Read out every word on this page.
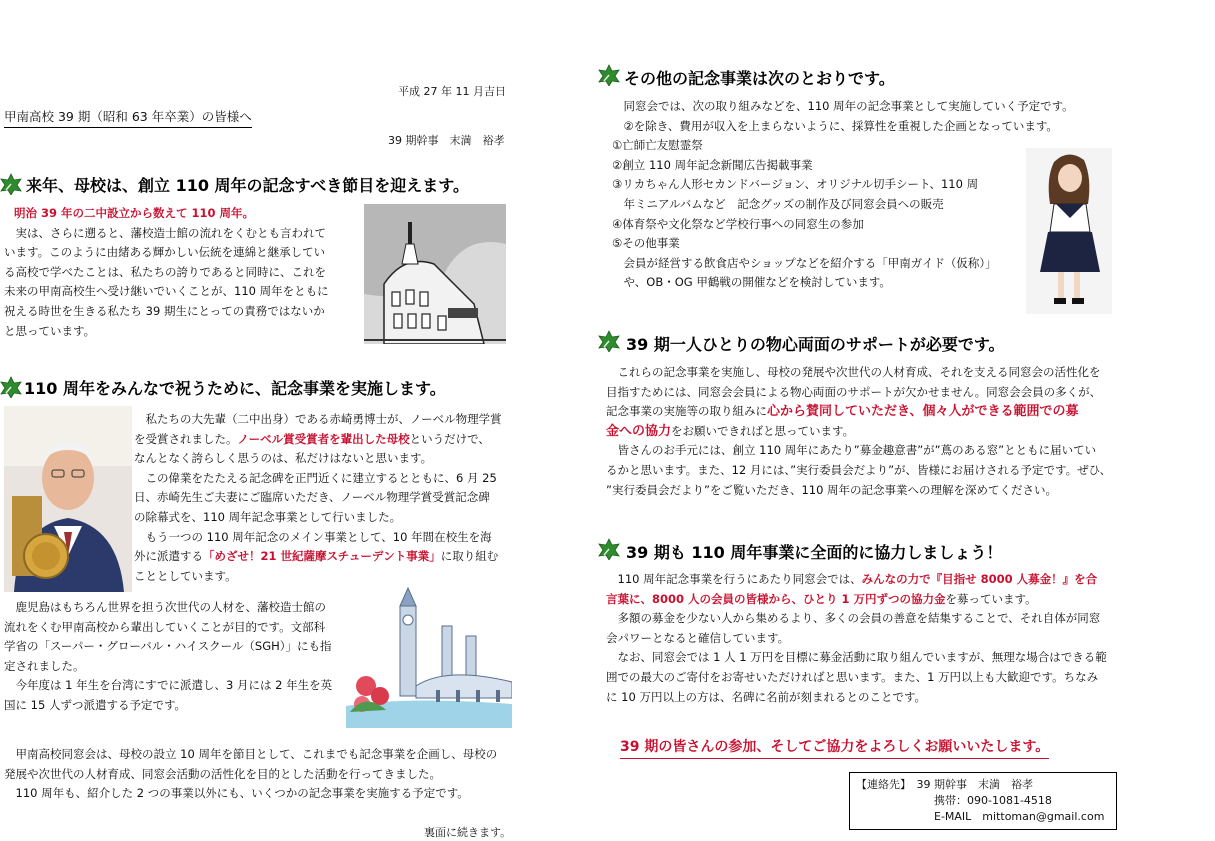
平成 27 年 11 月吉日
甲南高校 39 期（昭和 63 年卒業）の皆様へ
39 期幹事　末満　裕孝
来年、母校は、創立 110 周年の記念すべき節目を迎えます。
明治 39 年の二中設立から数えて 110 周年。
　実は、さらに遡ると、藩校造士館の流れをくむとも言われて
います。このように由緒ある輝かしい伝統を連綿と継承してい
る高校で学べたことは、私たちの誇りであると同時に、これを
未来の甲南高校生へ受け継いでいくことが、110 周年をともに
祝える時世を生きる私たち 39 期生にとっての責務ではないか
と思っています。
110 周年をみんなで祝うために、記念事業を実施します。
　私たちの大先輩（二中出身）である赤崎勇博士が、ノーベル物理学賞
を受賞されました。ノーベル賞受賞者を輩出した母校というだけで、
なんとなく誇らしく思うのは、私だけはないと思います。
　この偉業をたたえる記念碑を正門近くに建立するとともに、6 月 25
日、赤崎先生ご夫妻にご臨席いただき、ノーベル物理学賞受賞記念碑
の除幕式を、110 周年記念事業として行いました。
　もう一つの 110 周年記念のメイン事業として、10 年間在校生を海
外に派遣する「めざせ！21 世紀薩摩スチューデント事業」に取り組む
こととしています。
　鹿児島はもちろん世界を担う次世代の人材を、藩校造士館の
流れをくむ甲南高校から輩出していくことが目的です。文部科
学省の「スーパー・グローバル・ハイスクール（SGH）」にも指
定されました。
　今年度は 1 年生を台湾にすでに派遣し、3 月には 2 年生を英
国に 15 人ずつ派遣する予定です。
　甲南高校同窓会は、母校の設立 10 周年を節目として、これまでも記念事業を企画し、母校の
発展や次世代の人材育成、同窓会活動の活性化を目的とした活動を行ってきました。
　110 周年も、紹介した 2 つの事業以外にも、いくつかの記念事業を実施する予定です。
裏面に続きます。
その他の記念事業は次のとおりです。
　同窓会では、次の取り組みなどを、110 周年の記念事業として実施していく予定です。
　②を除き、費用が収入を上まらないように、採算性を重視した企画となっています。
①亡師亡友慰霊祭
②創立 110 周年記念新聞広告掲載事業
③リカちゃん人形セカンドバージョン、オリジナル切手シート、110 周
　年ミニアルバムなど　記念グッズの制作及び同窓会員への販売
④体育祭や文化祭など学校行事への同窓生の参加
⑤その他事業
　会員が経営する飲食店やショップなどを紹介する「甲南ガイド（仮称）」
　や、OB・OG 甲鶴戦の開催などを検討しています。
39 期一人ひとりの物心両面のサポートが必要です。
　これらの記念事業を実施し、母校の発展や次世代の人材育成、それを支える同窓会の活性化を
目指すためには、同窓会会員による物心両面のサポートが欠かせません。同窓会会員の多くが、
記念事業の実施等の取り組みに心から賛同していただき、個々人ができる範囲での募
金への協力をお願いできればと思っています。
　皆さんのお手元には、創立 110 周年にあたり”募金趣意書”が”蔦のある窓”とともに届いてい
るかと思います。また、12 月には、”実行委員会だより”が、皆様にお届けされる予定です。ぜひ、
”実行委員会だより”をご覧いただき、110 周年の記念事業への理解を深めてください。
39 期も 110 周年事業に全面的に協力しましょう！
　110 周年記念事業を行うにあたり同窓会では、みんなの力で『目指せ 8000 人募金！』を合
言葉に、8000 人の会員の皆様から、ひとり 1 万円ずつの協力金を募っています。
　多額の募金を少ない人から集めるより、多くの会員の善意を結集することで、それ自体が同窓
会パワーとなると確信しています。
　なお、同窓会では 1 人 1 万円を目標に募金活動に取り組んでいますが、無理な場合はできる範
囲での最大のご寄付をお寄せいただければと思います。また、1 万円以上も大歓迎です。ちなみ
に 10 万円以上の方は、名碑に名前が刻まれるとのことです。
39 期の皆さんの参加、そしてご協力をよろしくお願いいたします。
【連絡先】　 39 期幹事　末満　裕孝
携帯：090-1081-4518
E-MAIL　mittoman@gmail.com
